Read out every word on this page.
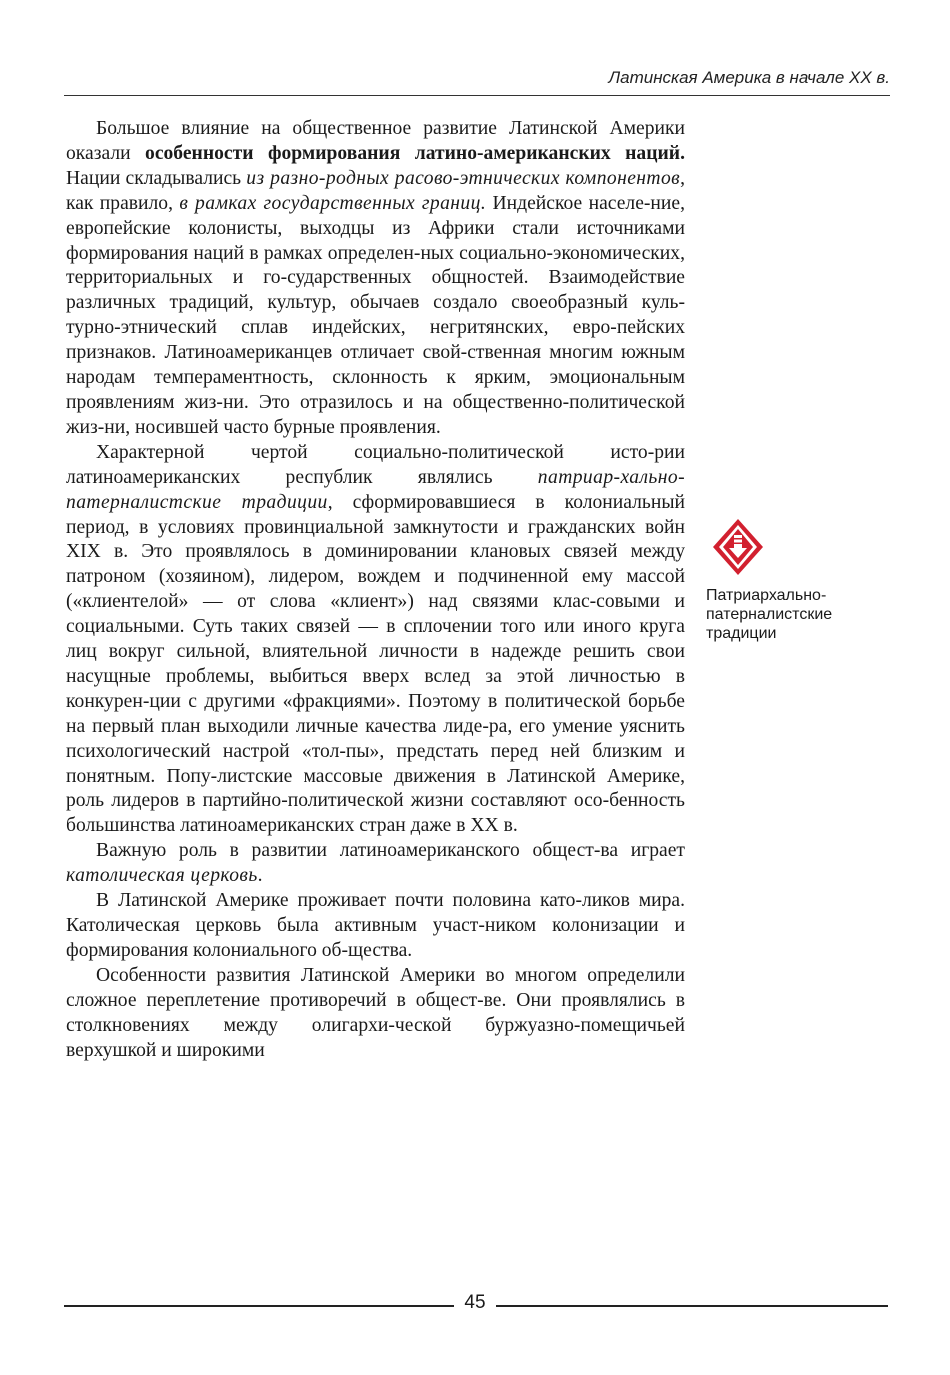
Латинская Америка в начале XX в.

Большое влияние на общественное развитие Латинской Америки оказали особенности формирования латино-американских наций. Нации складывались из разно-родных расово-этнических компонентов, как правило, в рамках государственных границ. Индейское населе-ние, европейские колонисты, выходцы из Африки стали источниками формирования наций в рамках определен-ных социально-экономических, территориальных и го-сударственных общностей. Взаимодействие различных традиций, культур, обычаев создало своеобразный куль-турно-этнический сплав индейских, негритянских, евро-пейских признаков. Латиноамериканцев отличает свой-ственная многим южным народам темпераментность, склонность к ярким, эмоциональным проявлениям жиз-ни. Это отразилось и на общественно-политической жиз-ни, носившей часто бурные проявления.

Характерной чертой социально-политической исто-рии латиноамериканских республик являлись патриар-хально-патерналистские традиции, сформировавшиеся в колониальный период, в условиях провинциальной замкнутости и гражданских войн XIX в. Это проявлялось в доминировании клановых связей между патроном (хозяином), лидером, вождем и подчиненной ему массой («клиентелой» — от слова «клиент») над связями клас-совыми и социальными. Суть таких связей — в сплочении того или иного круга лиц вокруг сильной, влиятельной личности в надежде решить свои насущные проблемы, выбиться вверх вслед за этой личностью в конкурен-ции с другими «фракциями». Поэтому в политической борьбе на первый план выходили личные качества лиде-ра, его умение уяснить психологический настрой «тол-пы», предстать перед ней близким и понятным. Попу-листские массовые движения в Латинской Америке, роль лидеров в партийно-политической жизни составляют осо-бенность большинства латиноамериканских стран даже в XX в.

Важную роль в развитии латиноамериканского общест-ва играет католическая церковь.

В Латинской Америке проживает почти половина като-ликов мира. Католическая церковь была активным участ-ником колонизации и формирования колониального об-щества.

Особенности развития Латинской Америки во многом определили сложное переплетение противоречий в общест-ве. Они проявлялись в столкновениях между олигархи-ческой буржуазно-помещичьей верхушкой и широкими

Патриархально-патерналистские традиции
45
